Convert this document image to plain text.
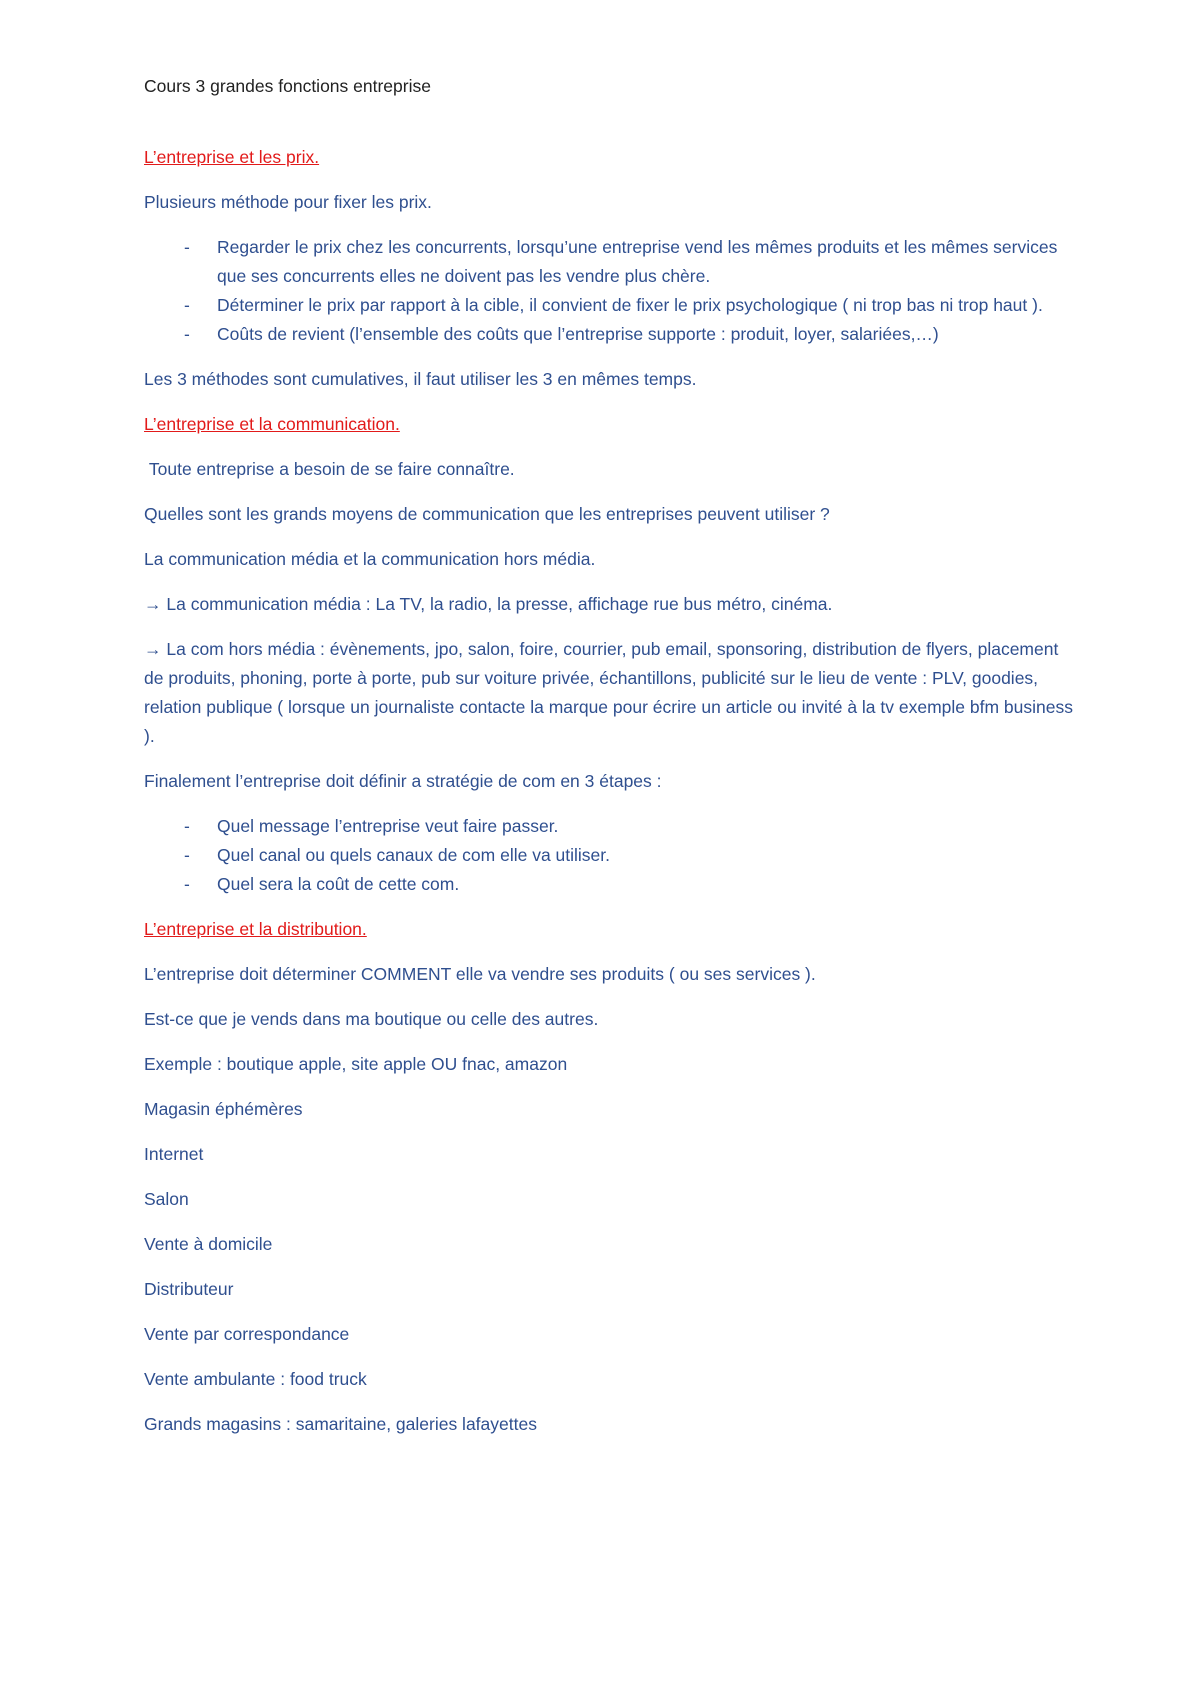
Cours 3 grandes fonctions entreprise
L’entreprise et les prix.

Plusieurs méthode pour fixer les prix.

- Regarder le prix chez les concurrents, lorsqu’une entreprise vend les mêmes produits et les mêmes services que ses concurrents elles ne doivent pas les vendre plus chère.
- Déterminer le prix par rapport à la cible, il convient de fixer le prix psychologique ( ni trop bas ni trop haut ).
- Coûts de revient (l’ensemble des coûts que l’entreprise supporte : produit, loyer, salariées,…)

Les 3 méthodes sont cumulatives, il faut utiliser les 3 en mêmes temps.

L’entreprise et la communication.

Toute entreprise a besoin de se faire connaître.

Quelles sont les grands moyens de communication que les entreprises peuvent utiliser ?

La communication média et la communication hors média.

→ La communication média : La TV, la radio, la presse, affichage rue bus métro, cinéma.

→ La com hors média : évènements, jpo, salon, foire, courrier, pub email, sponsoring, distribution de flyers, placement de produits, phoning, porte à porte, pub sur voiture privée, échantillons, publicité sur le lieu de vente : PLV, goodies, relation publique ( lorsque un journaliste contacte la marque pour écrire un article ou invité à la tv exemple bfm business ).

Finalement l’entreprise doit définir a stratégie de com en 3 étapes :

- Quel message l’entreprise veut faire passer.
- Quel canal ou quels canaux de com elle va utiliser.
- Quel sera la coût de cette com.
L’entreprise et la distribution.

L’entreprise doit déterminer COMMENT elle va vendre ses produits ( ou ses services ).

Est-ce que je vends dans ma boutique ou celle des autres.

Exemple : boutique apple, site apple OU fnac, amazon

Magasin éphémères

Internet

Salon

Vente à domicile

Distributeur

Vente par correspondance

Vente ambulante : food truck

Grands magasins : samaritaine, galeries lafayettes
